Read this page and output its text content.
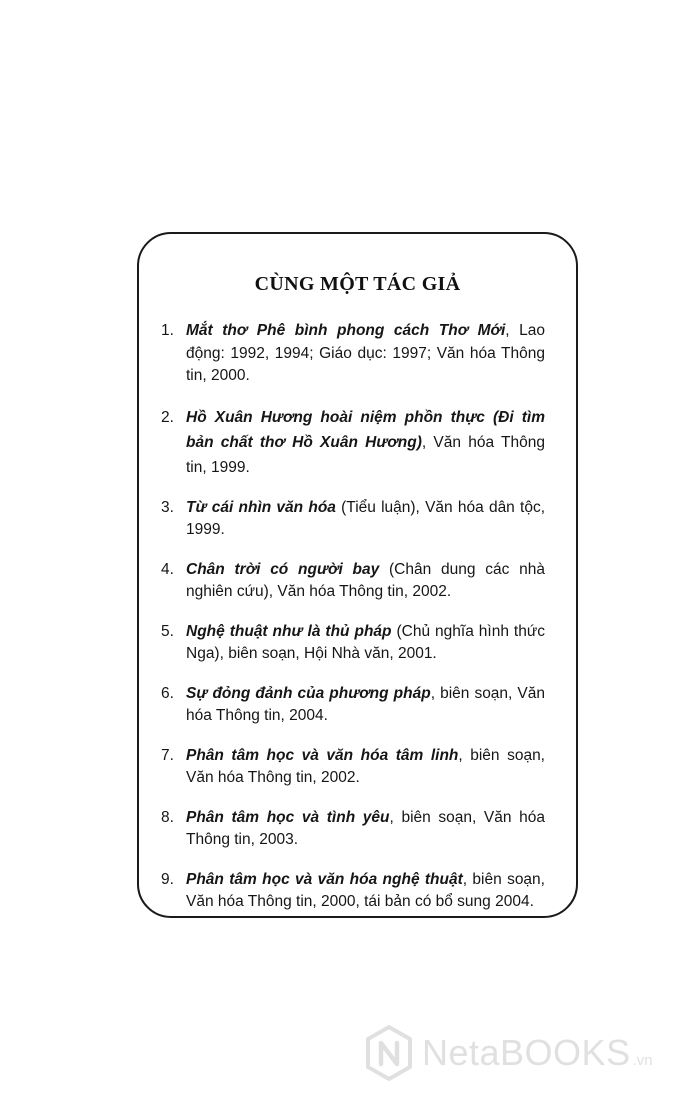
CÙNG MỘT TÁC GIẢ
1. Mắt thơ Phê bình phong cách Thơ Mới, Lao động: 1992, 1994; Giáo dục: 1997; Văn hóa Thông tin, 2000.
2. Hồ Xuân Hương hoài niệm phồn thực (Đi tìm bản chất thơ Hồ Xuân Hương), Văn hóa Thông tin, 1999.
3. Từ cái nhìn văn hóa (Tiểu luận), Văn hóa dân tộc, 1999.
4. Chân trời có người bay (Chân dung các nhà nghiên cứu), Văn hóa Thông tin, 2002.
5. Nghệ thuật như là thủ pháp (Chủ nghĩa hình thức Nga), biên soạn, Hội Nhà văn, 2001.
6. Sự đỏng đảnh của phương pháp, biên soạn, Văn hóa Thông tin, 2004.
7. Phân tâm học và văn hóa tâm linh, biên soạn, Văn hóa Thông tin, 2002.
8. Phân tâm học và tình yêu, biên soạn, Văn hóa Thông tin, 2003.
9. Phân tâm học và văn hóa nghệ thuật, biên soạn, Văn hóa Thông tin, 2000, tái bản có bổ sung 2004.
NetaBOOKS .vn
